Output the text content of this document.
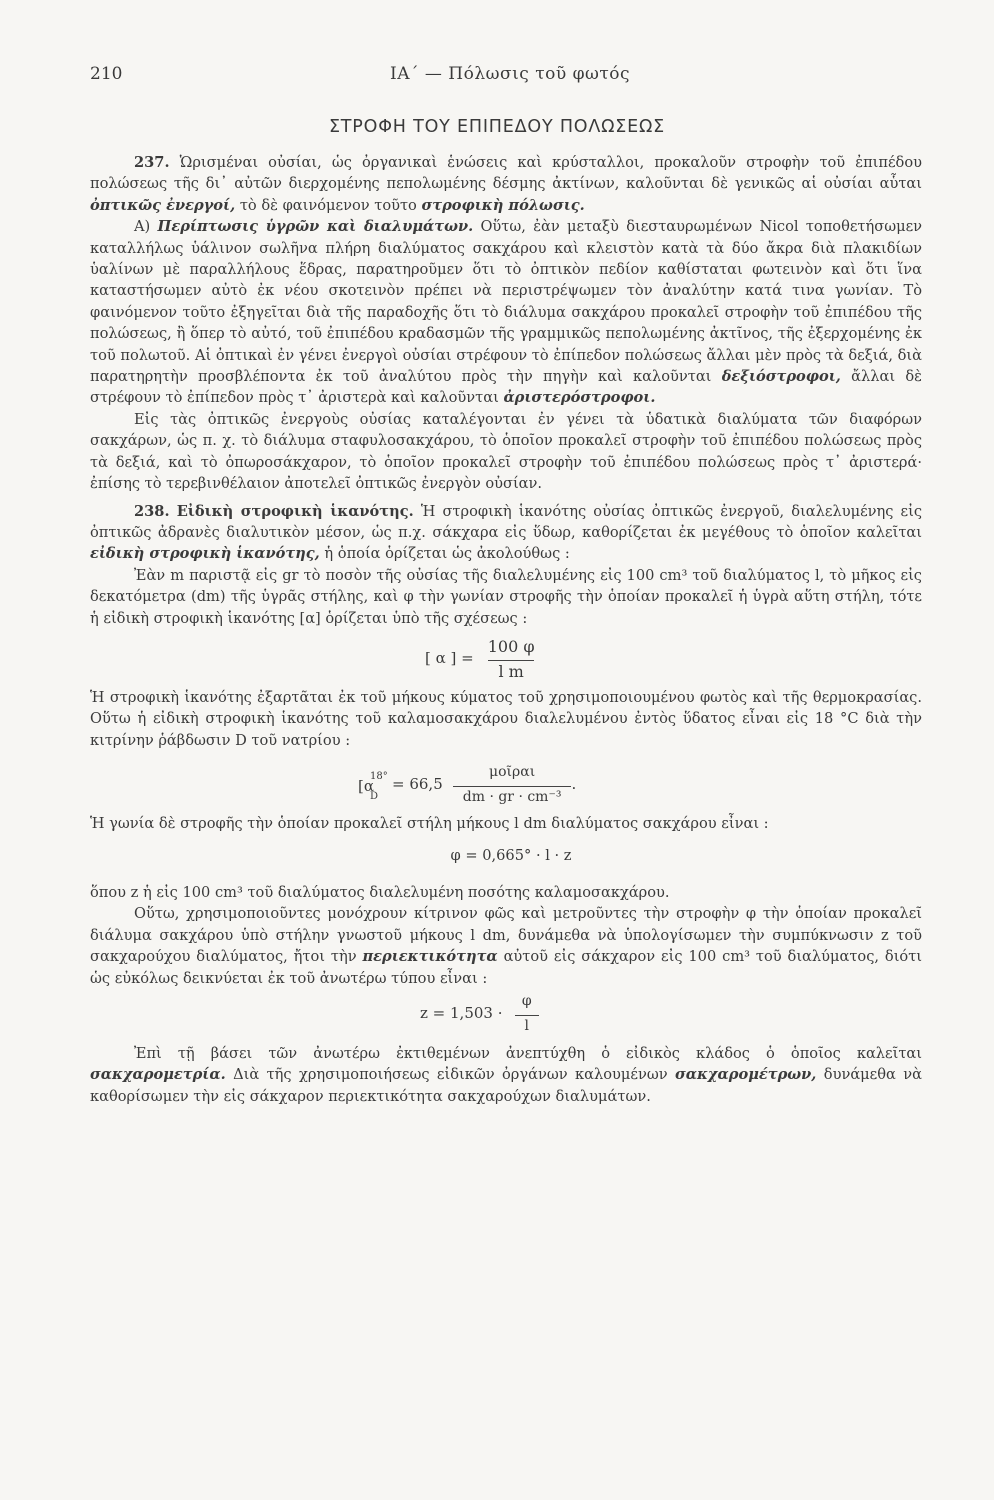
210	ΙΑ΄ — Πόλωσις τοῦ φωτός
ΣΤΡΟΦΗ ΤΟΥ ΕΠΙΠΕΔΟΥ ΠΟΛΩΣΕΩΣ

237. Ὡρισμέναι οὐσίαι, ὡς ὀργανικαὶ ἑνώσεις καὶ κρύσταλλοι, προκαλοῦν στροφὴν τοῦ ἐπιπέδου πολώσεως τῆς δι᾽ αὐτῶν διερχομένης πεπολωμένης δέσμης ἀκτίνων, καλοῦνται δὲ γενικῶς αἱ οὐσίαι αὗται ὀπτικῶς ἐνεργοί, τὸ δὲ φαινόμενον τοῦτο στροφικὴ πόλωσις.

Α) Περίπτωσις ὑγρῶν καὶ διαλυμάτων. Οὕτω, ἐὰν μεταξὺ διεσταυρωμένων Nicol τοποθετήσωμεν καταλλήλως ὑάλινον σωλῆνα πλήρη διαλύματος σακχάρου καὶ κλειστὸν κατὰ τὰ δύο ἄκρα διὰ πλακιδίων ὑαλίνων μὲ παραλλήλους ἕδρας, παρατηροῦμεν ὅτι τὸ ὀπτικὸν πεδίον καθίσταται φωτεινὸν καὶ ὅτι ἵνα καταστήσωμεν αὐτὸ ἐκ νέου σκοτεινὸν πρέπει νὰ περιστρέψωμεν τὸν ἀναλύτην κατά τινα γωνίαν. Τὸ φαινόμενον τοῦτο ἐξηγεῖται διὰ τῆς παραδοχῆς ὅτι τὸ διάλυμα σακχάρου προκαλεῖ στροφὴν τοῦ ἐπιπέδου τῆς πολώσεως, ἢ ὅπερ τὸ αὐτό, τοῦ ἐπιπέδου κραδασμῶν τῆς γραμμικῶς πεπολωμένης ἀκτῖνος, τῆς ἐξερχομένης ἐκ τοῦ πολωτοῦ. Αἱ ὀπτικαὶ ἐν γένει ἐνεργοὶ οὐσίαι στρέφουν τὸ ἐπίπεδον πολώσεως ἄλλαι μὲν πρὸς τὰ δεξιά, διὰ παρατηρητὴν προσβλέποντα ἐκ τοῦ ἀναλύτου πρὸς τὴν πηγὴν καὶ καλοῦνται δεξιόστροφοι, ἄλλαι δὲ στρέφουν τὸ ἐπίπεδον πρὸς τ᾽ ἀριστερὰ καὶ καλοῦνται ἀριστερόστροφοι.

Εἰς τὰς ὀπτικῶς ἐνεργοὺς οὐσίας καταλέγονται ἐν γένει τὰ ὑδατικὰ διαλύματα τῶν διαφόρων σακχάρων, ὡς π. χ. τὸ διάλυμα σταφυλοσακχάρου, τὸ ὁποῖον προκαλεῖ στροφὴν τοῦ ἐπιπέδου πολώσεως πρὸς τὰ δεξιά, καὶ τὸ ὀπωροσάκχαρον, τὸ ὁποῖον προκαλεῖ στροφὴν τοῦ ἐπιπέδου πολώσεως πρὸς τ᾽ ἀριστερά· ἐπίσης τὸ τερεβινθέλαιον ἀποτελεῖ ὀπτικῶς ἐνεργὸν οὐσίαν.

238. Εἰδικὴ στροφικὴ ἱκανότης. Ἡ στροφικὴ ἱκανότης οὐσίας ὀπτικῶς ἐνεργοῦ, διαλελυμένης εἰς ὀπτικῶς ἀδρανὲς διαλυτικὸν μέσον, ὡς π.χ. σάκχαρα εἰς ὕδωρ, καθορίζεται ἐκ μεγέθους τὸ ὁποῖον καλεῖται εἰδικὴ στροφικὴ ἱκανότης, ἡ ὁποία ὁρίζεται ὡς ἀκολούθως :

Ἐὰν m παριστᾷ εἰς gr τὸ ποσὸν τῆς οὐσίας τῆς διαλελυμένης εἰς 100 cm³ τοῦ διαλύματος l, τὸ μῆκος εἰς δεκατόμετρα (dm) τῆς ὑγρᾶς στήλης, καὶ φ τὴν γωνίαν στροφῆς τὴν ὁποίαν προκαλεῖ ἡ ὑγρὰ αὕτη στήλη, τότε ἡ εἰδικὴ στροφικὴ ἱκανότης [α] ὁρίζεται ὑπὸ τῆς σχέσεως :

[ α ] = $\frac{100 \varphi}{\text{l m}}$

Ἡ στροφικὴ ἱκανότης ἐξαρτᾶται ἐκ τοῦ μήκους κύματος τοῦ χρησιμοποιουμένου φωτὸς καὶ τῆς θερμοκρασίας. Οὕτω ἡ εἰδικὴ στροφικὴ ἱκανότης τοῦ καλαμοσακχάρου διαλελυμένου ἐντὸς ὕδατος εἶναι εἰς 18 °C διὰ τὴν κιτρίνην ῥάβδωσιν D τοῦ νατρίου :

[α
18°
D
= $66,5 \frac{\text{μοῖραι}}{\text{dm · gr · cm⁻³}}$ .

Ἡ γωνία δὲ στροφῆς τὴν ὁποίαν προκαλεῖ στήλη μήκους l dm διαλύματος σακχάρου εἶναι :

φ = 0,665° · l · z

ὅπου z ἡ εἰς 100 cm³ τοῦ διαλύματος διαλελυμένη ποσότης καλαμοσακχάρου.

Οὕτω, χρησιμοποιοῦντες μονόχρουν κίτρινον φῶς καὶ μετροῦντες τὴν στροφὴν φ τὴν ὁποίαν προκαλεῖ διάλυμα σακχάρου ὑπὸ στήλην γνωστοῦ μήκους l dm, δυνάμεθα νὰ ὑπολογίσωμεν τὴν συμπύκνωσιν z τοῦ σακχαρούχου διαλύματος, ἤτοι τὴν περιεκτικότητα αὐτοῦ εἰς σάκχαρον εἰς 100 cm³ τοῦ διαλύματος, διότι ὡς εὐκόλως δεικνύεται ἐκ τοῦ ἀνωτέρω τύπου εἶναι :

$z = 1,503 \cdot \frac{\varphi}{l}$

Ἐπὶ τῇ βάσει τῶν ἀνωτέρω ἐκτιθεμένων ἀνεπτύχθη ὁ εἰδικὸς κλάδος ὁ ὁποῖος καλεῖται σακχαρομετρία. Διὰ τῆς χρησιμοποιήσεως εἰδικῶν ὀργάνων καλουμένων σακχαρομέτρων, δυνάμεθα νὰ καθορίσωμεν τὴν εἰς σάκχαρον περιεκτικότητα σακχαρούχων διαλυμάτων.
